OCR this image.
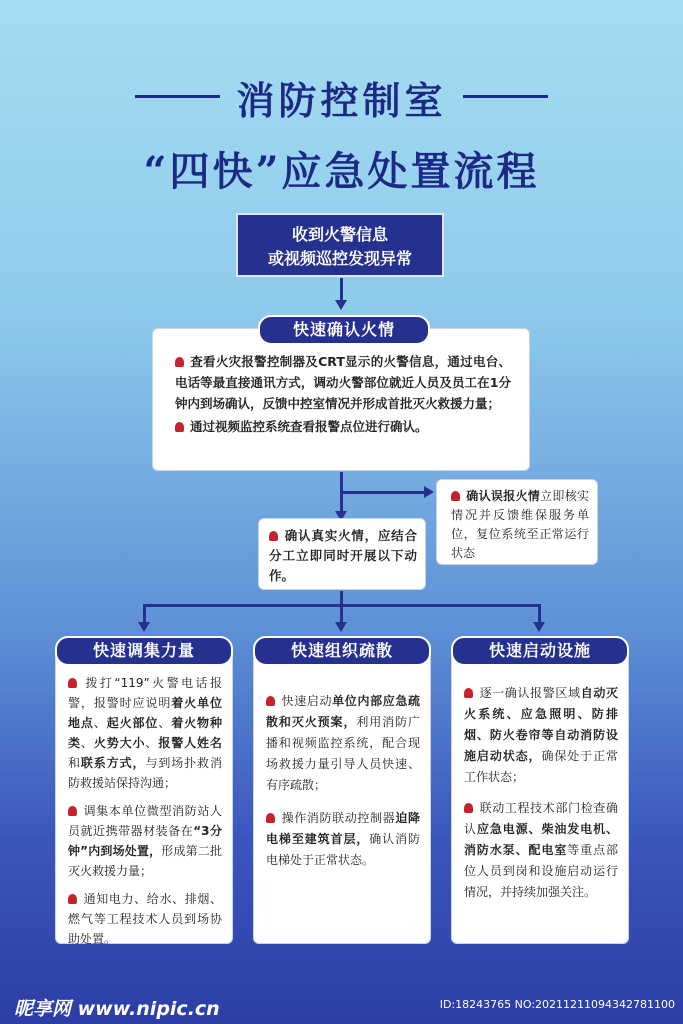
消防控制室
“四快”应急处置流程
收到火警信息
或视频巡控发现异常
查看火灾报警控制器及CRT显示的火警信息，通过电台、电话等最直接通讯方式，调动火警部位就近人员及员工在1分钟内到场确认，反馈中控室情况并形成首批灭火救援力量；
通过视频监控系统查看报警点位进行确认。
快速确认火情
确认误报火情立即核实情况并反馈维保服务单位，复位系统至正常运行状态
确认真实火情，应结合分工立即同时开展以下动作。
拨打“119”火警电话报警，报警时应说明着火单位地点、起火部位、着火物种类、火势大小、报警人姓名和联系方式，与到场扑救消防救援站保持沟通；
调集本单位微型消防站人员就近携带器材装备在“3分钟”内到场处置，形成第二批灭火救援力量；
通知电力、给水、排烟、燃气等工程技术人员到场协助处置。
快速调集力量
快速启动单位内部应急疏散和灭火预案，利用消防广播和视频监控系统，配合现场救援力量引导人员快速、有序疏散；
操作消防联动控制器迫降电梯至建筑首层，确认消防电梯处于正常状态。
快速组织疏散
逐一确认报警区域自动灭火系统、应急照明、防排烟、防火卷帘等自动消防设施启动状态，确保处于正常工作状态；
联动工程技术部门检查确认应急电源、柴油发电机、消防水泵、配电室等重点部位人员到岗和设施启动运行情况，并持续加强关注。
快速启动设施
昵享网 www.nipic.cn	ID:18243765 NO:20211211094342781100
